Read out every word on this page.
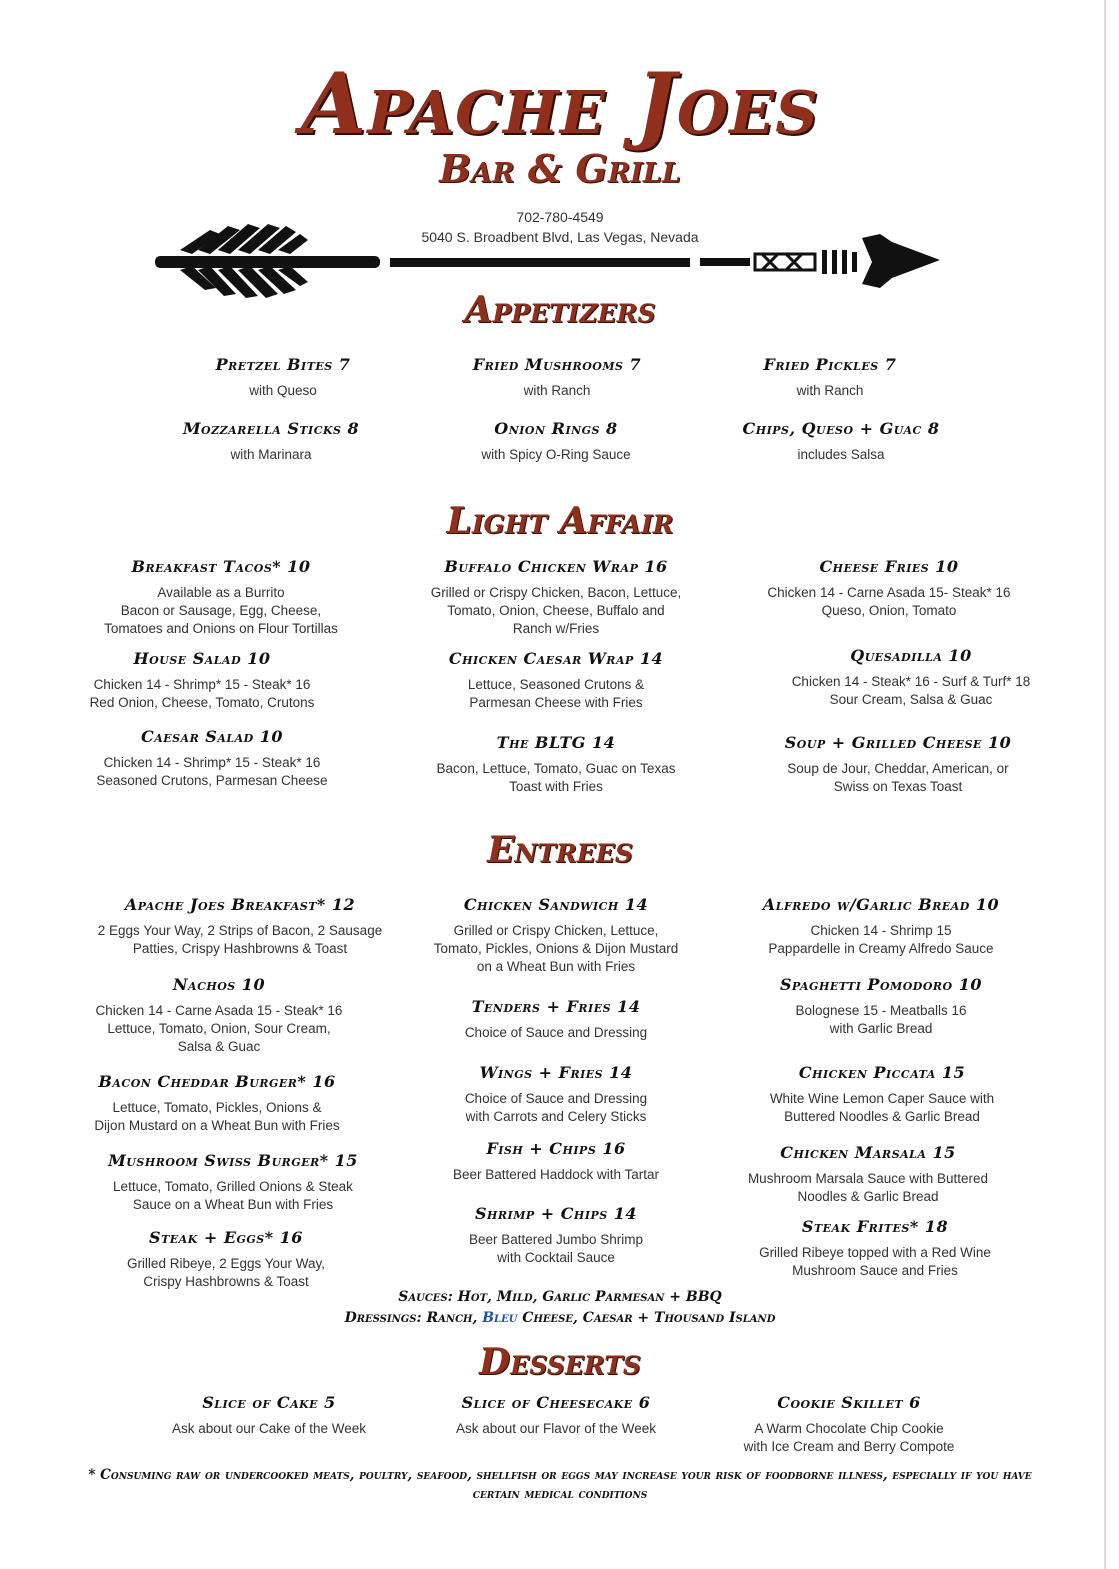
Apache Joes
Bar & Grill
702-780-4549
5040 S. Broadbent Blvd, Las Vegas, Nevada
Appetizers
Pretzel Bites 7
with Queso
Fried Mushrooms 7
with Ranch
Fried Pickles 7
with Ranch
Mozzarella Sticks 8
with Marinara
Onion Rings 8
with Spicy O-Ring Sauce
Chips, Queso + Guac 8
includes Salsa
Light Affair
Breakfast Tacos* 10
Available as a Burrito
Bacon or Sausage, Egg, Cheese,
Tomatoes and Onions on Flour Tortillas
Buffalo Chicken Wrap 16
Grilled or Crispy Chicken, Bacon, Lettuce,
Tomato, Onion, Cheese, Buffalo and
Ranch w/Fries
Cheese Fries 10
Chicken 14 - Carne Asada 15- Steak* 16
Queso, Onion, Tomato
House Salad 10
Chicken 14 - Shrimp* 15 - Steak* 16
Red Onion, Cheese, Tomato, Crutons
Chicken Caesar Wrap 14
Lettuce, Seasoned Crutons &
Parmesan Cheese with Fries
Quesadilla 10
Chicken 14 - Steak* 16 - Surf & Turf* 18
Sour Cream, Salsa & Guac
Caesar Salad 10
Chicken 14 - Shrimp* 15 - Steak* 16
Seasoned Crutons, Parmesan Cheese
The BLTG 14
Bacon, Lettuce, Tomato, Guac on Texas
Toast with Fries
Soup + Grilled Cheese 10
Soup de Jour, Cheddar, American, or
Swiss on Texas Toast
Entrees
Apache Joes Breakfast* 12
2 Eggs Your Way, 2 Strips of Bacon, 2 Sausage
Patties, Crispy Hashbrowns & Toast
Chicken Sandwich 14
Grilled or Crispy Chicken, Lettuce,
Tomato, Pickles, Onions & Dijon Mustard
on a Wheat Bun with Fries
Alfredo w/Garlic Bread 10
Chicken 14 - Shrimp 15
Pappardelle in Creamy Alfredo Sauce
Nachos 10
Chicken 14 - Carne Asada 15 - Steak* 16
Lettuce, Tomato, Onion, Sour Cream,
Salsa & Guac
Tenders + Fries 14
Choice of Sauce and Dressing
Spaghetti Pomodoro 10
Bolognese 15 - Meatballs 16
with Garlic Bread
Bacon Cheddar Burger* 16
Lettuce, Tomato, Pickles, Onions &
Dijon Mustard on a Wheat Bun with Fries
Wings + Fries 14
Choice of Sauce and Dressing
with Carrots and Celery Sticks
Chicken Piccata 15
White Wine Lemon Caper Sauce with
Buttered Noodles & Garlic Bread
Mushroom Swiss Burger* 15
Lettuce, Tomato, Grilled Onions & Steak
Sauce on a Wheat Bun with Fries
Fish + Chips 16
Beer Battered Haddock with Tartar
Chicken Marsala 15
Mushroom Marsala Sauce with Buttered
Noodles & Garlic Bread
Steak + Eggs* 16
Grilled Ribeye, 2 Eggs Your Way,
Crispy Hashbrowns & Toast
Shrimp + Chips 14
Beer Battered Jumbo Shrimp
with Cocktail Sauce
Steak Frites* 18
Grilled Ribeye topped with a Red Wine
Mushroom Sauce and Fries
Sauces: Hot, Mild, Garlic Parmesan + BBQ
Dressings: Ranch, Bleu Cheese, Caesar + Thousand Island
Desserts
Slice of Cake 5
Ask about our Cake of the Week
Slice of Cheesecake 6
Ask about our Flavor of the Week
Cookie Skillet 6
A Warm Chocolate Chip Cookie
with Ice Cream and Berry Compote
* Consuming raw or undercooked meats, poultry, seafood, shellfish or eggs may increase your risk of foodborne illness, especially if you have certain medical conditions
